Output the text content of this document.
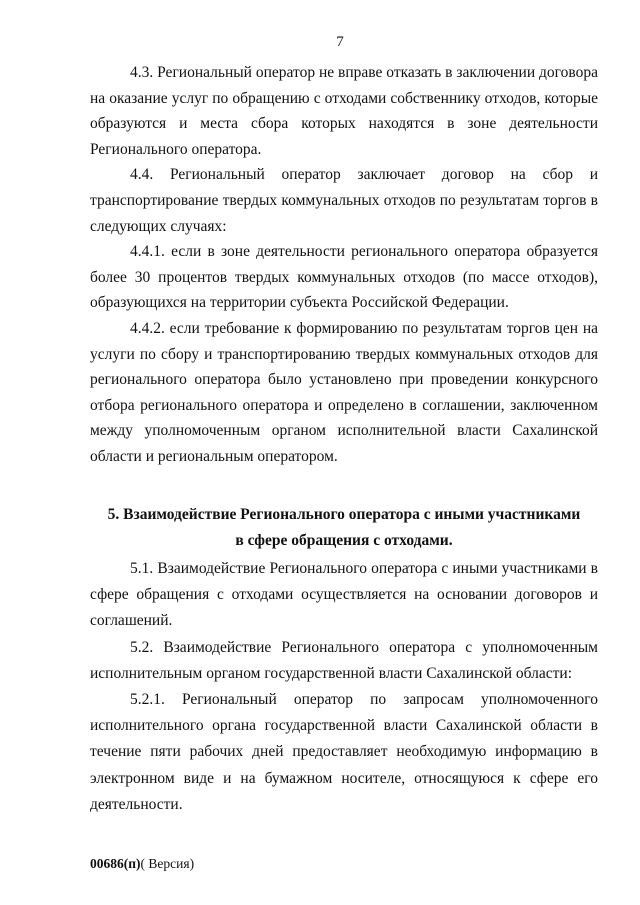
7

4.3. Региональный оператор не вправе отказать в заключении договора на оказание услуг по обращению с отходами собственнику отходов, которые образуются и места сбора которых находятся в зоне деятельности Регионального оператора.

4.4. Региональный оператор заключает договор на сбор и транспортирование твердых коммунальных отходов по результатам торгов в следующих случаях:

4.4.1. если в зоне деятельности регионального оператора образуется более 30 процентов твердых коммунальных отходов (по массе отходов), образующихся на территории субъекта Российской Федерации.

4.4.2. если требование к формированию по результатам торгов цен на услуги по сбору и транспортированию твердых коммунальных отходов для регионального оператора было установлено при проведении конкурсного отбора регионального оператора и определено в соглашении, заключенном между уполномоченным органом исполнительной власти Сахалинской области и региональным оператором.

5. Взаимодействие Регионального оператора с иными участниками
в сфере обращения с отходами.

5.1. Взаимодействие Регионального оператора с иными участниками в сфере обращения с отходами осуществляется на основании договоров и соглашений.

5.2. Взаимодействие Регионального оператора с уполномоченным исполнительным органом государственной власти Сахалинской области:

5.2.1. Региональный оператор по запросам уполномоченного исполнительного органа государственной власти Сахалинской области в течение пяти рабочих дней предоставляет необходимую информацию в электронном виде и на бумажном носителе, относящуюся к сфере его деятельности.

00686(п)( Версия)
